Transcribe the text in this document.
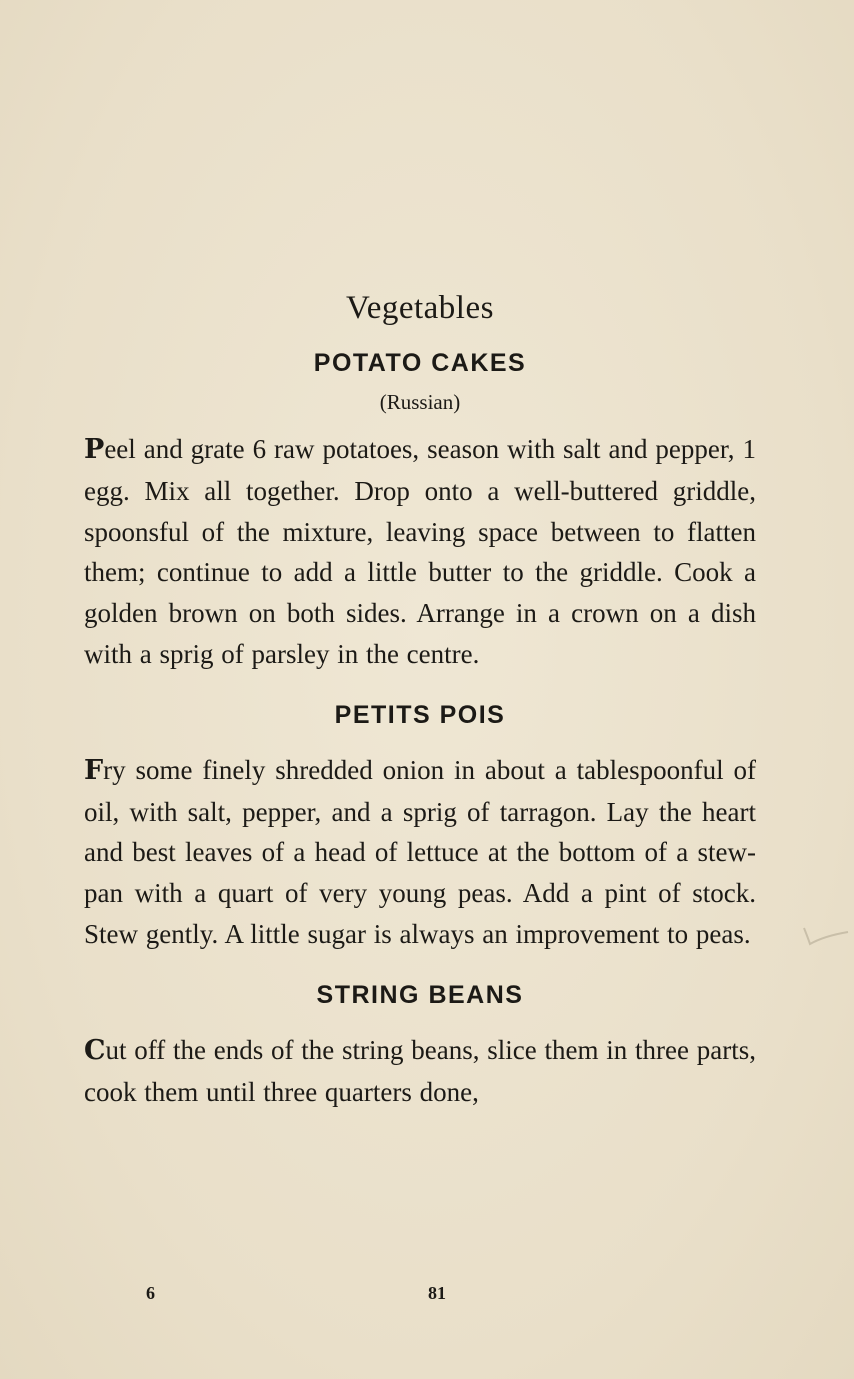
Vegetables
POTATO CAKES
(Russian)

Peel and grate 6 raw potatoes, season with salt and pepper, 1 egg. Mix all together. Drop onto a well-buttered griddle, spoonsful of the mixture, leaving space between to flatten them; continue to add a little butter to the griddle. Cook a golden brown on both sides. Arrange in a crown on a dish with a sprig of parsley in the centre.

PETITS POIS

Fry some finely shredded onion in about a tablespoonful of oil, with salt, pepper, and a sprig of tarragon. Lay the heart and best leaves of a head of lettuce at the bottom of a stew-pan with a quart of very young peas. Add a pint of stock. Stew gently. A little sugar is always an improvement to peas.

STRING BEANS

Cut off the ends of the string beans, slice them in three parts, cook them until three quarters done,

6	81
